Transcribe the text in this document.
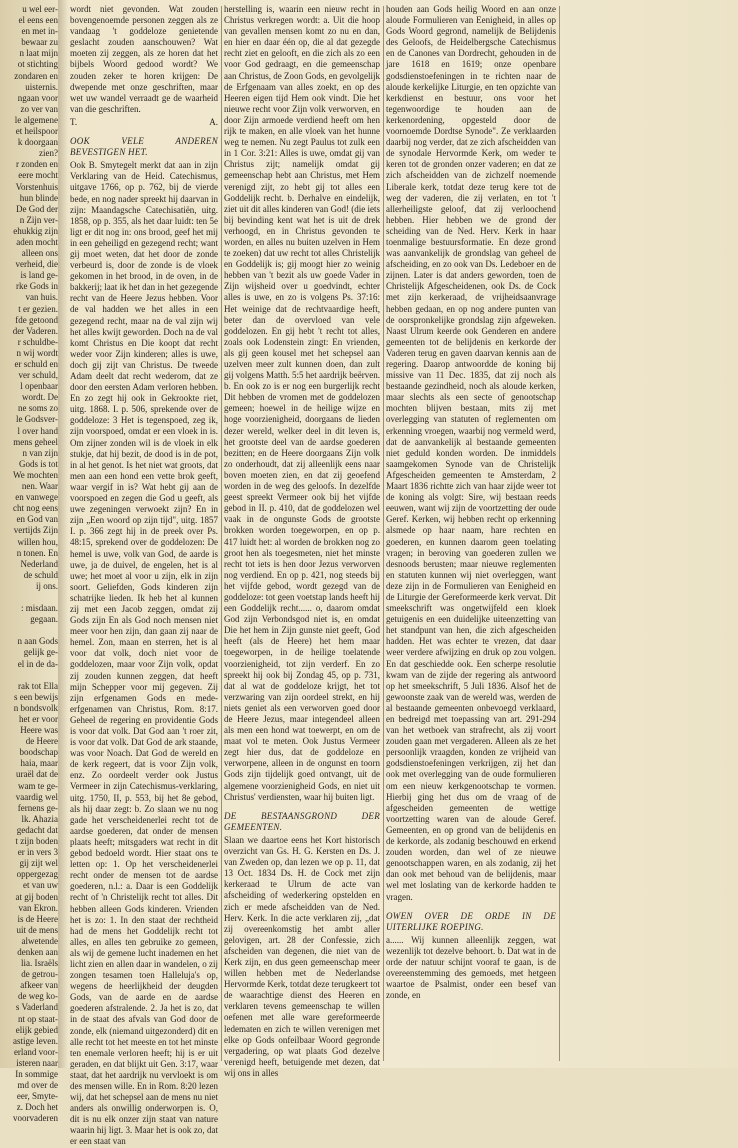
u wel eer-
el eens een
en met in-
bewaar zu
n laat mijn
ot stichting
zondaren en
uisternis.
ngaan voor
zo ver van
le algemene
et heilspoor
k doorgaan
zien?
r zonden en
eere mocht
Vorstenhuis
hun blinde
De God der
n Zijn ver-
ehukkig zijn
aden mocht
alleen ons
verheid, die
is land ge-
rke Gods in
van huis.
t er gezien.
fde getoond
der Vaderen.
r schuldbe-
n wij wordt
er schuld en
ver schuld,
l openbaar
wordt. De
ne soms zo
le Godsver-
l over hand
mens geheel
n van zijn
Gods is tot
We mochten
nen. Waar
en vanwege
cht nog eens
en God van
vertijds Zijn
willen hou,
n tonen. En
Nederland
de schuld
ij ons.

: misdaan.
gegaan.

n aan Gods
gelijk ge-
el in de da-

rak tot Ella
s een bewijs
n bondsvolk
het er voor
Heere was
de Heere
boodschap
haia, maar
uraël dat de
wam te ge-
vaardig wel
fernens ge-
lk. Ahazia
gedacht dat
t zijn boden
er in vers 3
gij zijt wel
oppergezag
et van uw
at gij boden
van Ekron.
is de Heere
uit de mens
alwetende
denken aan
lia. Israëls
de getrou-
afkeer van
de weg ko-
s Vaderland
nt op staat-
elijk gebied
astige leven.
erland voor-
isteren naar
In sommige
md over de
eer, Smyte-
z. Doch het
voorvaderen

wordt niet gevonden. Wat zouden bovengenoemde personen zeggen als ze vandaag 't goddeloze genietende geslacht zouden aanschouwen? Wat moeten zij zeggen, als ze horen dat het bijbels Woord gedood wordt? We zouden zeker te horen krijgen: De dwepende met onze geschriften, maar wet uw wandel verraadt ge de waarheid van die geschriften.

T.	A.

OOK VELE ANDEREN BEVESTIGEN HET.

Ook B. Smytegelt merkt dat aan in zijn Verklaring van de Heid. Catechismus, uitgave 1766, op p. 762, bij de vierde bede, en nog nader spreekt hij daarvan in zijn: Maandagsche Catechisatiën, uitg. 1858, op p. 355, als het daar luidt: ten 5e ligt er dit nog in: ons brood, geef het mij in een geheiligd en gezegend recht; want gij moet weten, dat het door de zonde verbeurd is, door de zonde is de vloek gekomen in het brood, in de oven, in de bakkerij; laat ik het dan in het gezegende recht van de Heere Jezus hebben. Voor de val hadden we het alles in een gezegend recht, maar na de val zijn wij het alles kwijt geworden. Doch na de val komt Christus en Die koopt dat recht weder voor Zijn kinderen; alles is uwe, doch gij zijt van Christus. De tweede Adam deelt dat recht wederom, dat ze door den eersten Adam verloren hebben. En zo zegt hij ook in Gekrookte riet, uitg. 1868. I. p. 506, sprekende over de goddeloze: 3 Het is tegenspoed, zeg ik, zijn voorspoed, omdat er een vloek in is. Om zijner zonden wil is de vloek in elk stukje, dat hij bezit, de dood is in de pot, in al het genot. Is het niet wat groots, dat men aan een hond een vette brok geeft, waar vergif in is? Wat hebt gij aan de voorspoed en zegen die God u geeft, als uwe zegeningen verwoekt zijn? En in zijn „Een woord op zijn tijd", uitg. 1857 I. p. 366 zegt hij in de preek over Ps. 48:15, sprekend over de goddelozen: De hemel is uwe, volk van God, de aarde is uwe, ja de duivel, de engelen, het is al uwe; het moet al voor u zijn, elk in zijn soort. Geliefden, Gods kinderen zijn schatrijke lieden. Ik heb het al kunnen zij met een Jacob zeggen, omdat zij Gods zijn En als God noch mensen niet meer voor hen zijn, dan gaan zij naar de hemel. Zon, maan en sterren, het is al voor dat volk, doch niet voor de goddelozen, maar voor Zijn volk, opdat zij zouden kunnen zeggen, dat heeft mijn Schepper voor mij gegeven. Zij zijn erfgenamen Gods en mede-erfgenamen van Christus, Rom. 8:17. Geheel de regering en providentie Gods is voor dat volk. Dat God aan 't roer zit, is voor dat volk. Dat God de ark staande, was voor Noach. Dat God de wereld en de kerk regeert, dat is voor Zijn volk, enz. Zo oordeelt verder ook Justus Vermeer in zijn Catechismus-verklaring, uitg. 1750, II, p. 553, bij het 8e gebod, als hij daar zegt: b. Zo slaan we nu nog gade het verscheidenerlei recht tot de aardse goederen, dat onder de mensen plaats heeft; mitsgaders wat recht in dit gebod bedoeld wordt. Hier staat ons te letten op: 1. Op het verscheidenerlei recht onder de mensen tot de aardse goederen, n.l.: a. Daar is een Goddelijk recht of 'n Christelijk recht tot alles. Dit hebben alleen Gods kinderen. Vrienden het is zo: 1. In den staat der rechtheid had de mens het Goddelijk recht tot alles, en alles ten gebruike zo gemeen, als wij de gemene lucht inademen en het licht zien en allen daar in wandelen, o zij zongen tesamen toen Halleluja's op, wegens de heerlijkheid der deugden Gods, van de aarde en de aardse goederen afstralende. 2. Ja het is zo, dat in de staat des afvals van God door de zonde, elk (niemand uitgezonderd) dit en alle recht tot het meeste en tot het minste ten enemale verloren heeft; hij is er uit geraden, en dat blijkt uit Gen. 3:17, waar staat, dat het aardrijk nu vervloekt is om des mensen wille. En in Rom. 8:20 lezen wij, dat het schepsel aan de mens nu niet anders als onwillig onderworpen is. O, dit is nu elk onzer zijn staat van nature waarin hij ligt. 3. Maar het is ook zo, dat er een staat van

herstelling is, waarin een nieuw recht in Christus verkregen wordt: a. Uit die hoop van gevallen mensen komt zo nu en dan, en hier en daar één op, die al dat gezegde recht ziet en gelooft, en die zich als zo een voor God gedraagt, en die gemeenschap aan Christus, de Zoon Gods, en gevolgelijk de Erfgenaam van alles zoekt, en op des Heeren eigen tijd Hem ook vindt. Die het nieuwe recht voor Zijn volk verworven, en door Zijn armoede verdiend heeft om hen rijk te maken, en alle vloek van het hunne weg te nemen. Nu zegt Paulus tot zulk een in 1 Cor. 3:21: Alles is uwe, omdat gij van Christus zijt; namelijk omdat gij gemeenschap hebt aan Christus, met Hem verenigd zijt, zo hebt gij tot alles een Goddelijk recht. b. Derhalve en eindelijk, ziet uit dit alles kinderen van God! (die iets bij bevinding kent wat het is uit de drek verhoogd, en in Christus gevonden te worden, en alles nu buiten uzelven in Hem te zoeken) dat uw recht tot alles Christelijk en Goddelijk is; gij moogt hier zo weinig hebben van 't bezit als uw goede Vader in Zijn wijsheid over u goedvindt, echter alles is uwe, en zo is volgens Ps. 37:16: Het weinige dat de rechtvaardige heeft, beter dan de overvloed van vele goddelozen. En gij hebt 't recht tot alles, zoals ook Lodenstein zingt: En vrienden, als gij geen kousel met het schepsel aan uzelven meer zult kunnen doen, dan zult gij volgens Matth. 5:5 het aardrijk beërven. b. En ook zo is er nog een burgerlijk recht Dit hebben de vromen met de goddelozen gemeen; hoewel in de heilige wijze en hoge voorzienigheid, doorgaans de lieden dezer wereld, welker deel in dit leven is, het grootste deel van de aardse goederen bezitten; en de Heere doorgaans Zijn volk zo onderhoudt, dat zij alleenlijk eens naar boven moeten zien, en dat zij geoefend worden in de weg des geloofs. In dezelfde geest spreekt Vermeer ook bij het vijfde gebod in II. p. 410, dat de goddelozen wel vaak in de ongunste Gods de grootste brokken worden toegeworpen, en op p. 417 luidt het: al worden de brokken nog zo groot hen als toegesmeten, niet het minste recht tot iets is hen door Jezus verworven nog verdiend. En op p. 421, nog steeds bij het vijfde gebod, wordt gezegd van de goddeloze: tot geen voetstap lands heeft hij een Goddelijk recht...... o, daarom omdat God zijn Verbondsgod niet is, en omdat Die het hem in Zijn gunste niet geeft, God heeft (als de Heere) het hem maar toegeworpen, in de heilige toelatende voorzienigheid, tot zijn verderf. En zo spreekt hij ook bij Zondag 45, op p. 731, dat al wat de goddeloze krijgt, het tot verzwaring van zijn oordeel strekt, en hij niets geniet als een verworven goed door de Heere Jezus, maar integendeel alleen als men een hond wat toewerpt, en om de maat vol te meten. Ook Justus Vermeer zegt hier dus, dat de goddeloze en verworpene, alleen in de ongunst en toorn Gods zijn tijdelijk goed ontvangt, uit de algemene voorzienigheid Gods, en niet uit Christus' verdiensten, waar hij buiten ligt.

DE BESTAANSGROND DER GEMEENTEN.

Slaan we daartoe eens het Kort historisch overzicht van Gs. H. G. Kersten en Ds. J. van Zweden op, dan lezen we op p. 11, dat 13 Oct. 1834 Ds. H. de Cock met zijn kerkeraad te Ulrum de acte van afscheiding of wederkering opstelden en zich er mede afscheidden van de Ned. Herv. Kerk. In die acte verklaren zij, „dat zij overeenkomstig het ambt aller gelovigen, art. 28 der Confessie, zich afscheiden van degenen, die niet van de Kerk zijn, en dus geen gemeenschap meer willen hebben met de Nederlandse Hervormde Kerk, totdat deze terugkeert tot de waarachtige dienst des Heeren en verklaren tevens gemeenschap te willen oefenen met alle ware gereformeerde ledematen en zich te willen verenigen met elke op Gods onfeilbaar Woord gegronde vergadering, op wat plaats God dezelve verenigd heeft, betuigende met dezen, dat wij ons in alles

houden aan Gods heilig Woord en aan onze aloude Formulieren van Eenigheid, in alles op Gods Woord gegrond, namelijk de Belijdenis des Geloofs, de Heidelbergsche Catechismus en de Canones van Dordrecht, gehouden in de jare 1618 en 1619; onze openbare godsdienstoefeningen in te richten naar de aloude kerkelijke Liturgie, en ten opzichte van kerkdienst en bestuur, ons voor het tegenwoordige te houden aan de kerkenordening, opgesteld door de voornoemde Dordtse Synode". Ze verklaarden daarbij nog verder, dat ze zich afscheidden van de synodale Hervormde Kerk, om weder te keren tot de gronden onzer vaderen; en dat ze zich afscheidden van de zichzelf noemende Liberale kerk, totdat deze terug kere tot de weg der vaderen, die zij verlaten, en tot 't allerheiligste geloof, dat zij verloochend hebben. Hier hebben we de grond der scheiding van de Ned. Herv. Kerk in haar toenmalige bestuursformatie. En deze grond was aanvankelijk de grondslag van geheel de afscheiding, en zo ook van Ds. Ledeboer en de zijnen. Later is dat anders geworden, toen de Christelijk Afgescheidenen, ook Ds. de Cock met zijn kerkeraad, de vrijheidsaanvrage hebben gedaan, en op nog andere punten van de oorspronkelijke grondslag zijn afgeweken. Naast Ulrum keerde ook Genderen en andere gemeenten tot de belijdenis en kerkorde der Vaderen terug en gaven daarvan kennis aan de regering. Daarop antwoordde de koning bij missive van 11 Dec. 1835, dat zij noch als bestaande gezindheid, noch als aloude kerken, maar slechts als een secte of genootschap mochten blijven bestaan, mits zij met overlegging van statuten of reglementen om erkenning vroegen, waarbij nog vermeld werd, dat de aanvankelijk al bestaande gemeenten niet geduld konden worden. De inmiddels saamgekomen Synode van de Christelijk Afgescheiden gemeenten te Amsterdam, 2 Maart 1836 richtte zich van haar zijde weer tot de koning als volgt: Sire, wij bestaan reeds eeuwen, want wij zijn de voortzetting der oude Geref. Kerken, wij hebben recht op erkenning alsmede op haar naam, hare rechten en goederen, en kunnen daarom geen toelating vragen; in beroving van goederen zullen we desnoods berusten; maar nieuwe reglementen en statuten kunnen wij niet overleggen, want deze zijn in de Formulieren van Eenigheid en de Liturgie der Gereformeerde kerk vervat. Dit smeekschrift was ongetwijfeld een kloek getuigenis en een duidelijke uiteenzetting van het standpunt van hen, die zich afgescheiden hadden. Het was echter te vrezen, dat daar weer verdere afwijzing en druk op zou volgen. En dat geschiedde ook. Een scherpe resolutie kwam van de zijde der regering als antwoord op het smeekschrift, 5 Juli 1836. Alsof het de gewoonste zaak van de wereld was, werden de al bestaande gemeenten onbevoegd verklaard, en bedreigd met toepassing van art. 291-294 van het wetboek van strafrecht, als zij voort zouden gaan met vergaderen. Alleen als ze het persoonlijk vraagden, konden ze vrijheid van godsdienstoefeningen verkrijgen, zij het dan ook met overlegging van de oude formulieren om een nieuw kerkgenootschap te vormen. Hierbij ging het dus om de vraag of de afgescheiden gemeenten de wettige voortzetting waren van de aloude Geref. Gemeenten, en op grond van de belijdenis en de kerkorde, als zodanig beschouwd en erkend zouden worden, dan wel of ze nieuwe genootschappen waren, en als zodanig, zij het dan ook met behoud van de belijdenis, maar wel met loslating van de kerkorde hadden te vragen.

OWEN OVER DE ORDE IN DE UITERLIJKE ROEPING.

a...... Wij kunnen alleenlijk zeggen, wat wezenlijk tot dezelve behoort. b. Dat wat in de orde der natuur schijnt vooraf te gaan, is de overeenstemming des gemoeds, met hetgeen waartoe de Psalmist, onder een besef van zonde, en
